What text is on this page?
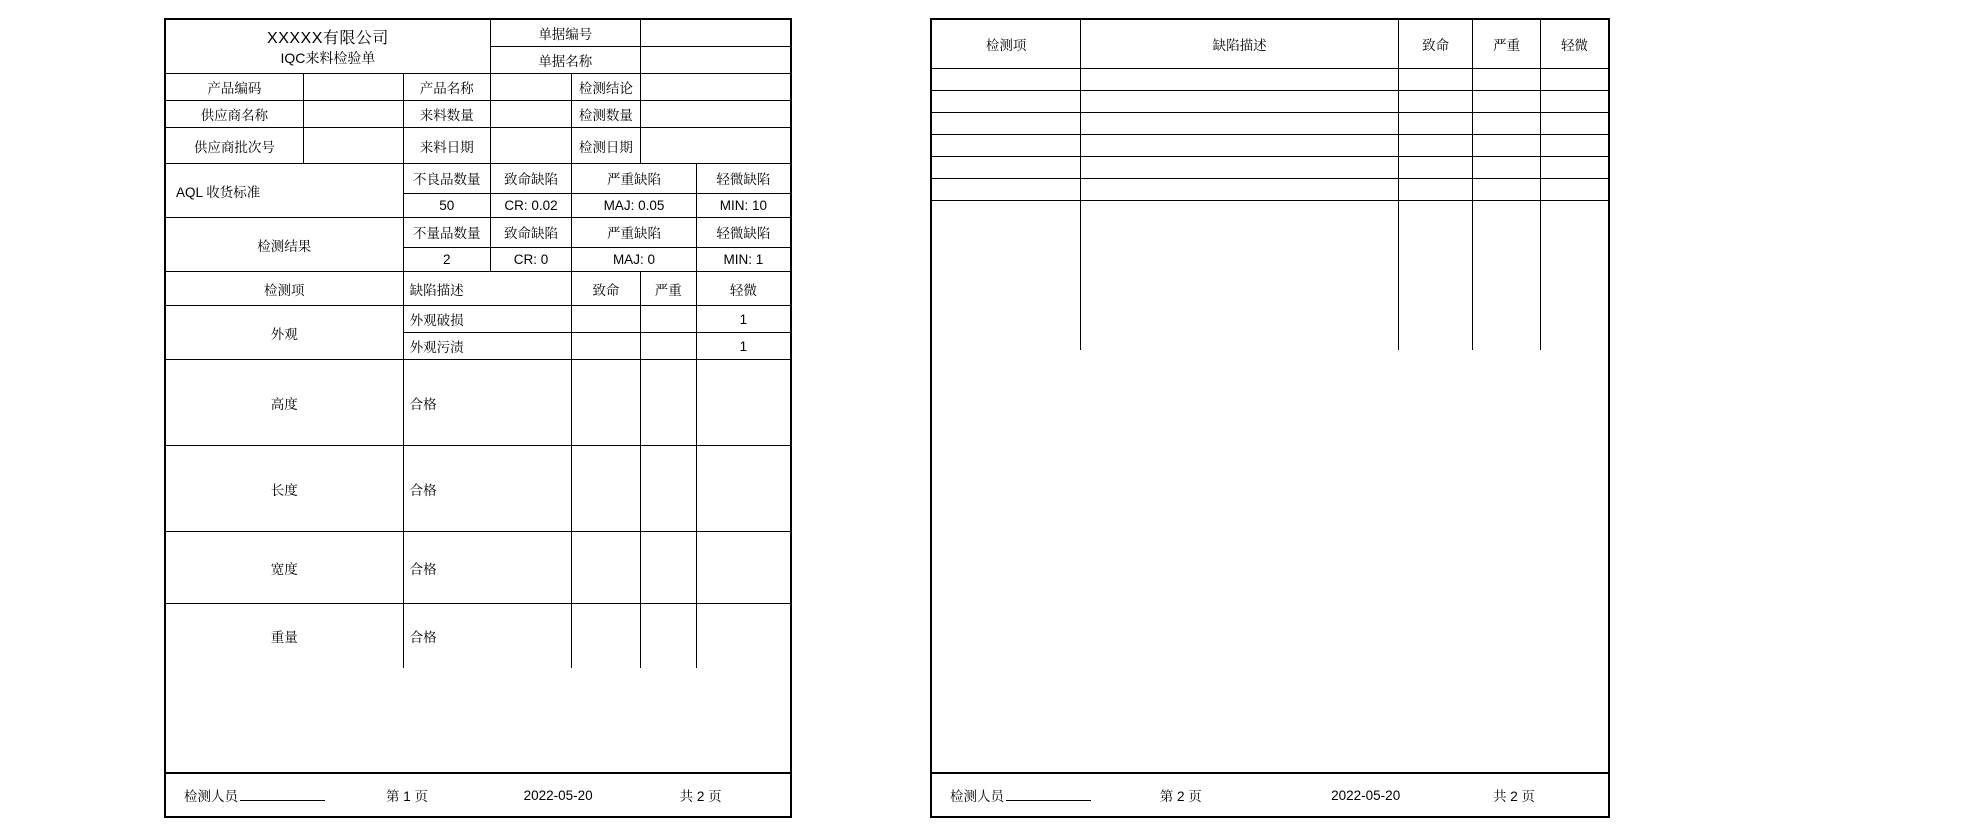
XXXXX有限公司
IQC来料检验单			单据编号			
			单据名称			
产品编码		产品名称		检测结论		
供应商名称		来料数量		检测数量		
供应商批次号		来料日期		检测日期		
AQL 收货标准		不良品数量	致命缺陷	严重缺陷		轻微缺陷
		50	CR: 0.02	MAJ: 0.05		MIN: 10
检测结果		不量品数量	致命缺陷	严重缺陷		轻微缺陷
		2	CR: 0	MAJ: 0		MIN: 1
检测项		缺陷描述		致命	严重	轻微
外观		外观破损				1
		外观污渍				1
高度		合格				
长度		合格				
宽度		合格				
重量		合格				
检测人员	第 1 页	2022-05-20	共 2 页
检测项	缺陷描述	致命	严重	轻微

检测人员	第 2 页	2022-05-20	共 2 页
